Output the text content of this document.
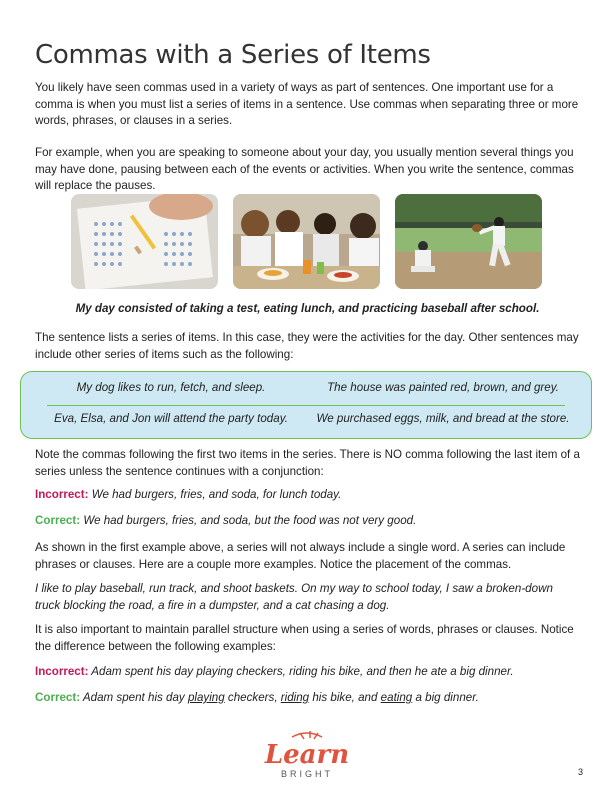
Commas with a Series of Items

You likely have seen commas used in a variety of ways as part of sentences. One important use for a comma is when you must list a series of items in a sentence. Use commas when separating three or more words, phrases, or clauses in a series.

For example, when you are speaking to someone about your day, you usually mention several things you may have done, pausing between each of the events or activities. When you write the sentence, commas will replace the pauses.

My day consisted of taking a test, eating lunch, and practicing baseball after school.

The sentence lists a series of items. In this case, they were the activities for the day. Other sentences may include other series of items such as the following:

My dog likes to run, fetch, and sleep.	The house was painted red, brown, and grey.
Eva, Elsa, and Jon will attend the party today.	We purchased eggs, milk, and bread at the store.

Note the commas following the first two items in the series. There is NO comma following the last item of a series unless the sentence continues with a conjunction:

Incorrect: We had burgers, fries, and soda, for lunch today.

Correct: We had burgers, fries, and soda, but the food was not very good.

As shown in the first example above, a series will not always include a single word. A series can include phrases or clauses. Here are a couple more examples. Notice the placement of the commas.

I like to play baseball, run track, and shoot baskets. On my way to school today, I saw a broken-down truck blocking the road, a fire in a dumpster, and a cat chasing a dog.

It is also important to maintain parallel structure when using a series of words, phrases or clauses. Notice the difference between the following examples:

Incorrect: Adam spent his day playing checkers, riding his bike, and then he ate a big dinner.

Correct: Adam spent his day playing checkers, riding his bike, and eating a big dinner.

Learn
BRIGHT	3
